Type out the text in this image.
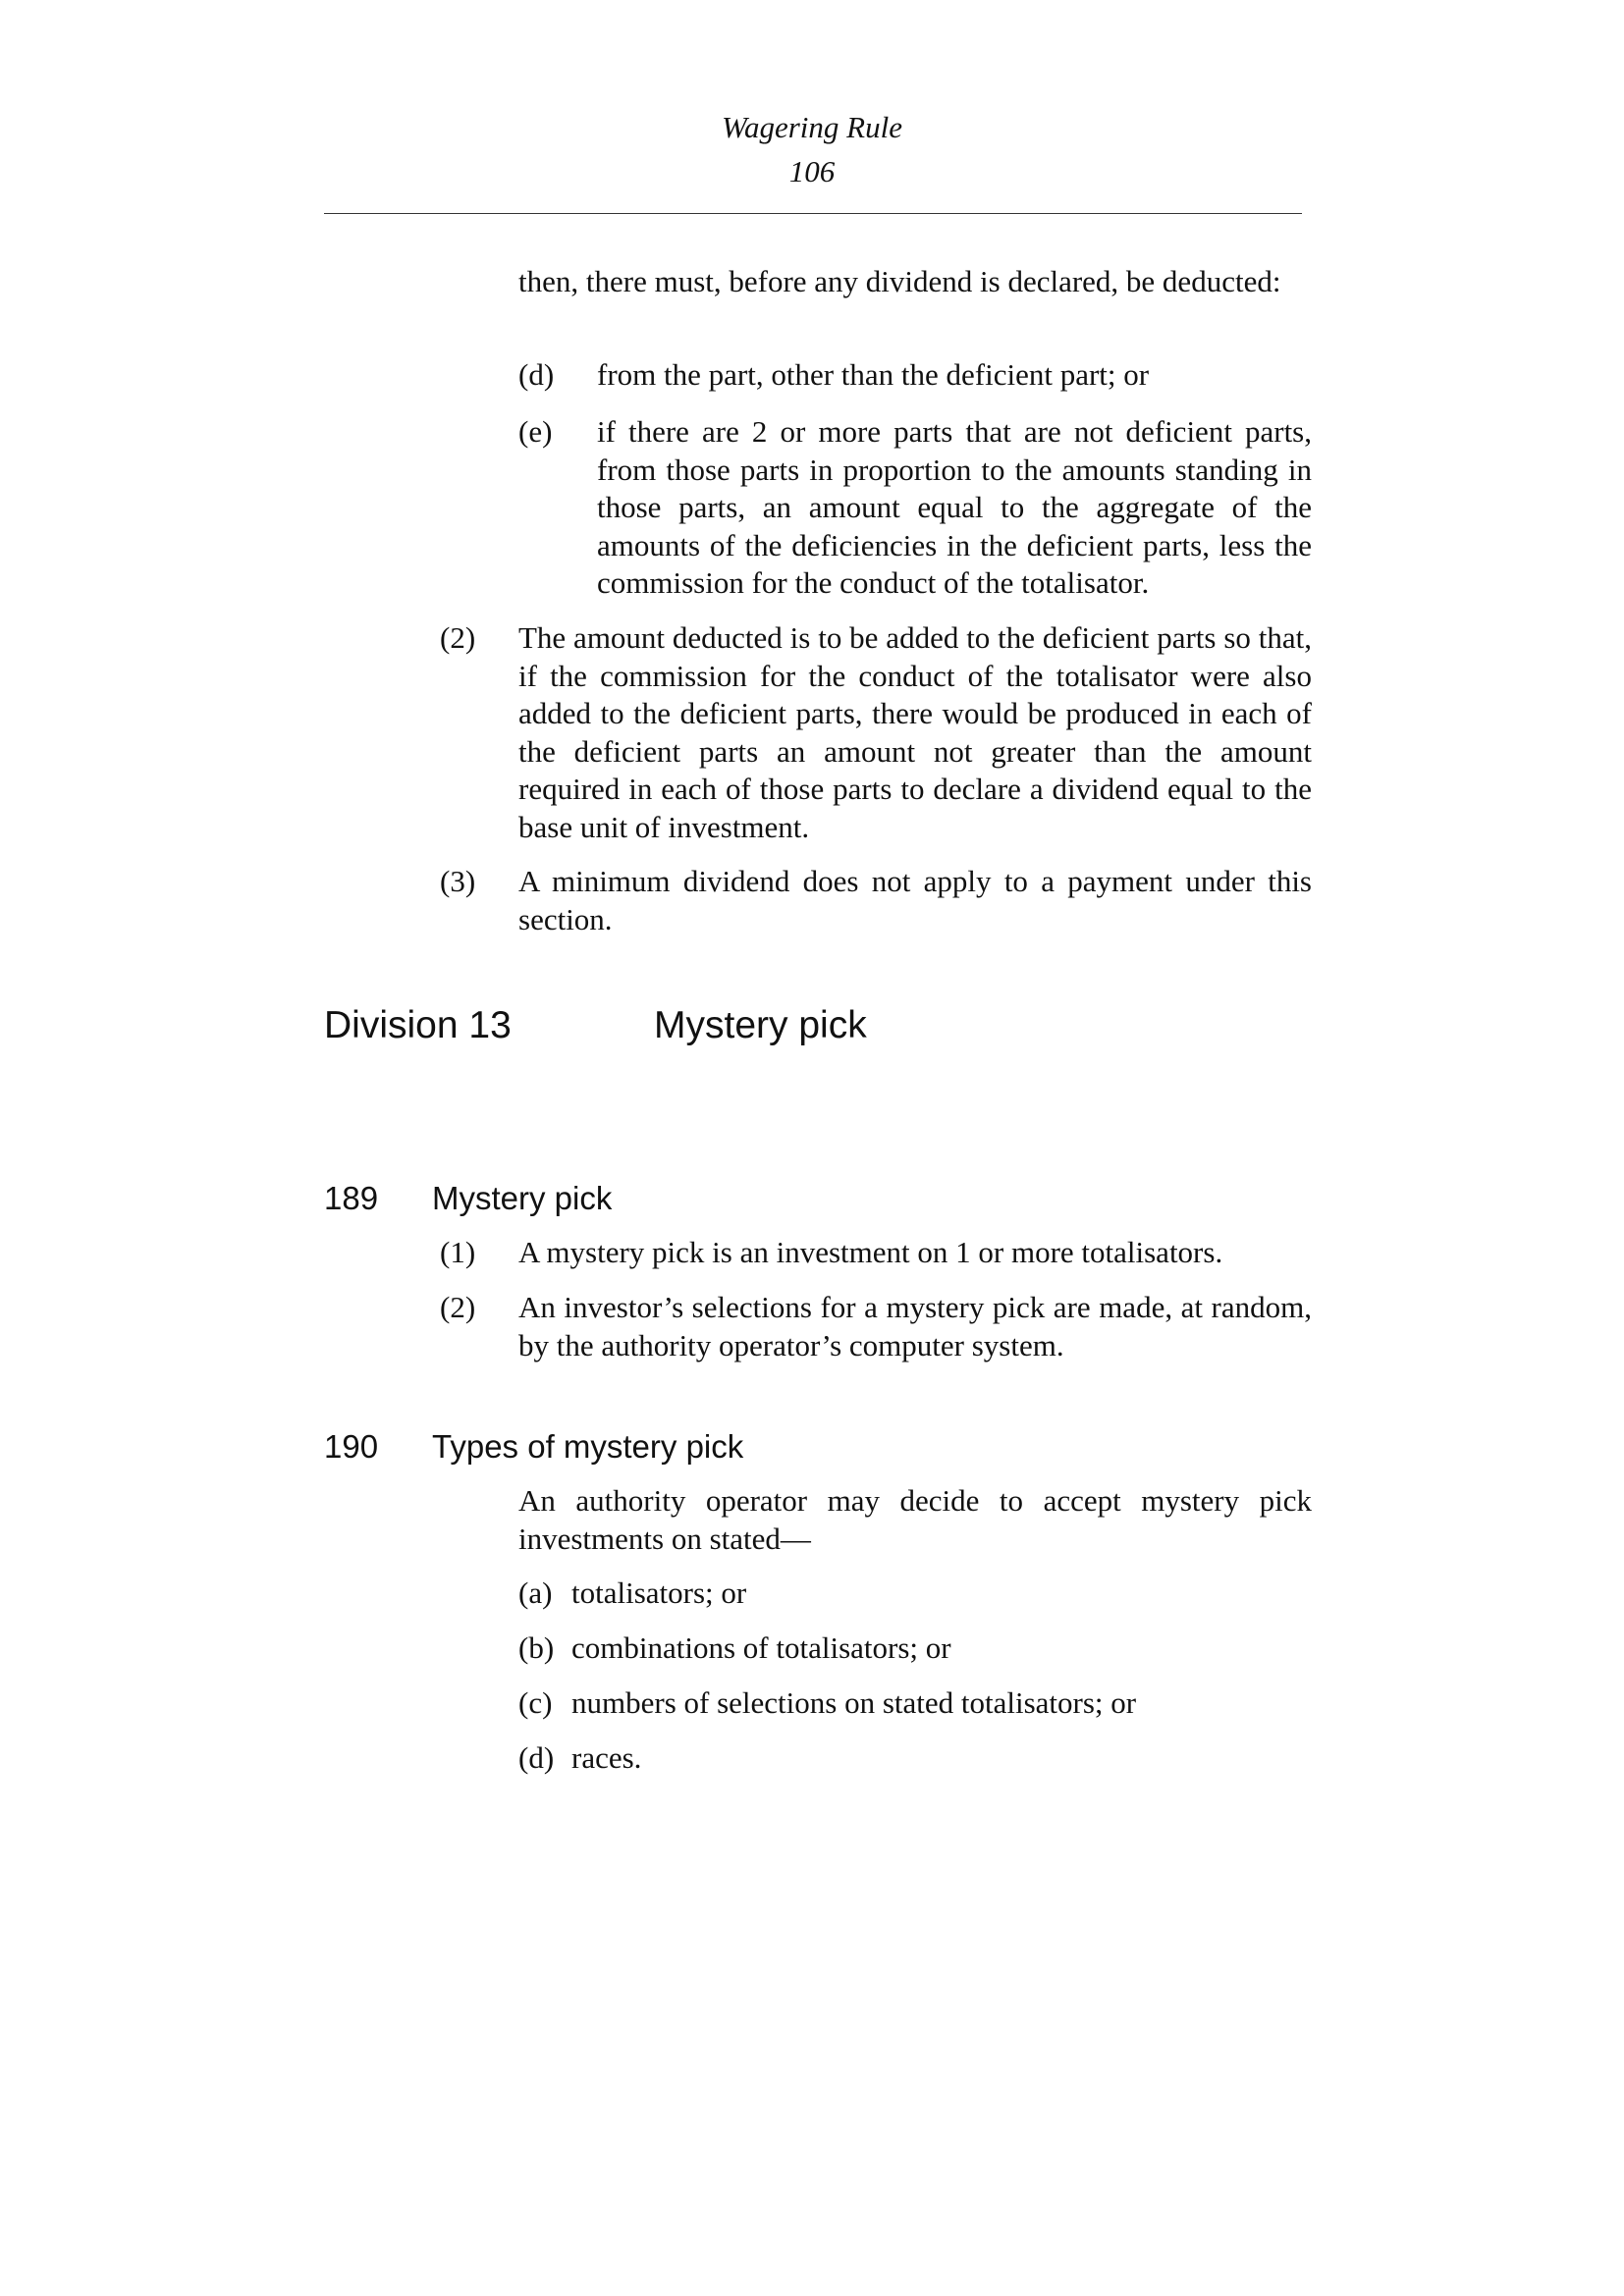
Wagering Rule
106
then, there must, before any dividend is declared, be deducted:
(d) from the part, other than the deficient part; or
(e) if there are 2 or more parts that are not deficient parts, from those parts in proportion to the amounts standing in those parts, an amount equal to the aggregate of the amounts of the deficiencies in the deficient parts, less the commission for the conduct of the totalisator.
(2) The amount deducted is to be added to the deficient parts so that, if the commission for the conduct of the totalisator were also added to the deficient parts, there would be produced in each of the deficient parts an amount not greater than the amount required in each of those parts to declare a dividend equal to the base unit of investment.
(3) A minimum dividend does not apply to a payment under this section.
Division 13	Mystery pick
189 Mystery pick
(1) A mystery pick is an investment on 1 or more totalisators.
(2) An investor’s selections for a mystery pick are made, at random, by the authority operator’s computer system.
190 Types of mystery pick
An authority operator may decide to accept mystery pick investments on stated—
(a) totalisators; or
(b) combinations of totalisators; or
(c) numbers of selections on stated totalisators; or
(d) races.
